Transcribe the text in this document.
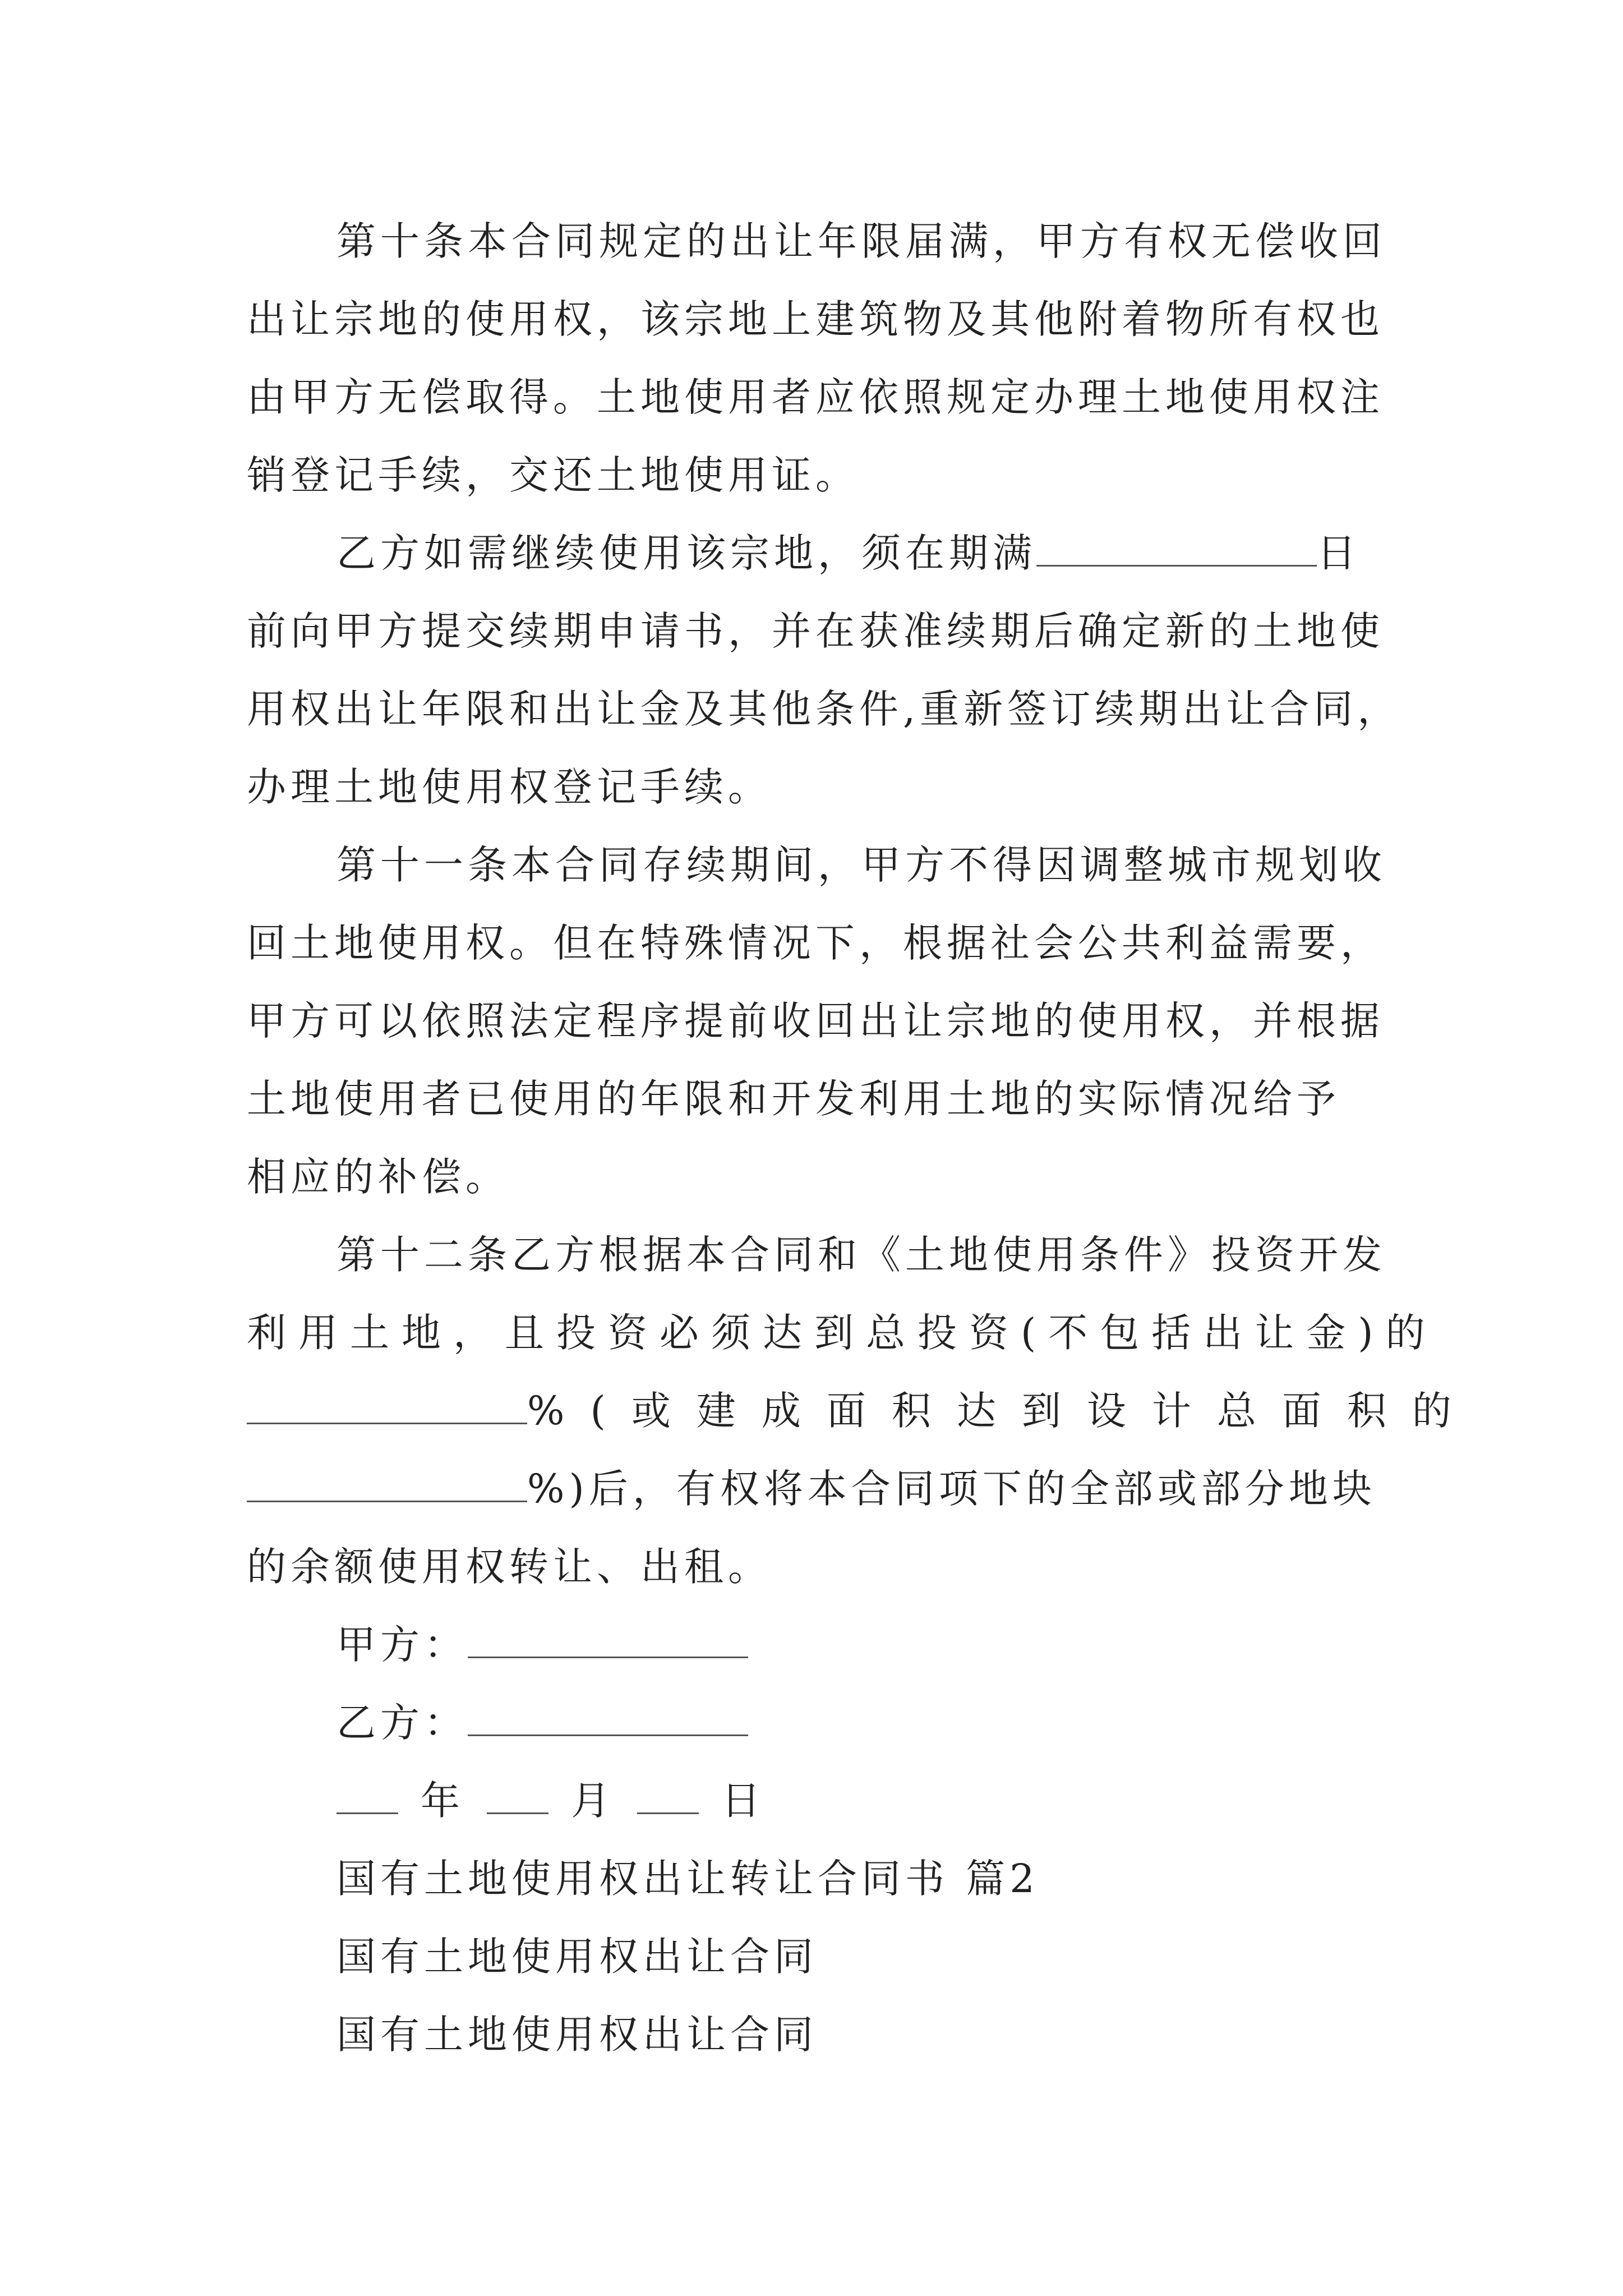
第十条本合同规定的出让年限届满，甲方有权无偿收回
出让宗地的使用权，该宗地上建筑物及其他附着物所有权也
由甲方无偿取得。土地使用者应依照规定办理土地使用权注
销登记手续，交还土地使用证。
乙方如需继续使用该宗地，须在期满	日
前向甲方提交续期申请书，并在获准续期后确定新的土地使
用权出让年限和出让金及其他条件,重新签订续期出让合同，
办理土地使用权登记手续。
第十一条本合同存续期间，甲方不得因调整城市规划收
回土地使用权。但在特殊情况下，根据社会公共利益需要，
甲方可以依照法定程序提前收回出让宗地的使用权，并根据
土地使用者已使用的年限和开发利用土地的实际情况给予
相应的补偿。
第十二条乙方根据本合同和《土地使用条件》投资开发
利用土地，且投资必须达到总投资(不包括出让金)的
%(或建成面积达到设计总面积的
%)后，有权将本合同项下的全部或部分地块
的余额使用权转让、出租。
甲方：
乙方：
年	月	日
国有土地使用权出让转让合同书 篇2
国有土地使用权出让合同
国有土地使用权出让合同
